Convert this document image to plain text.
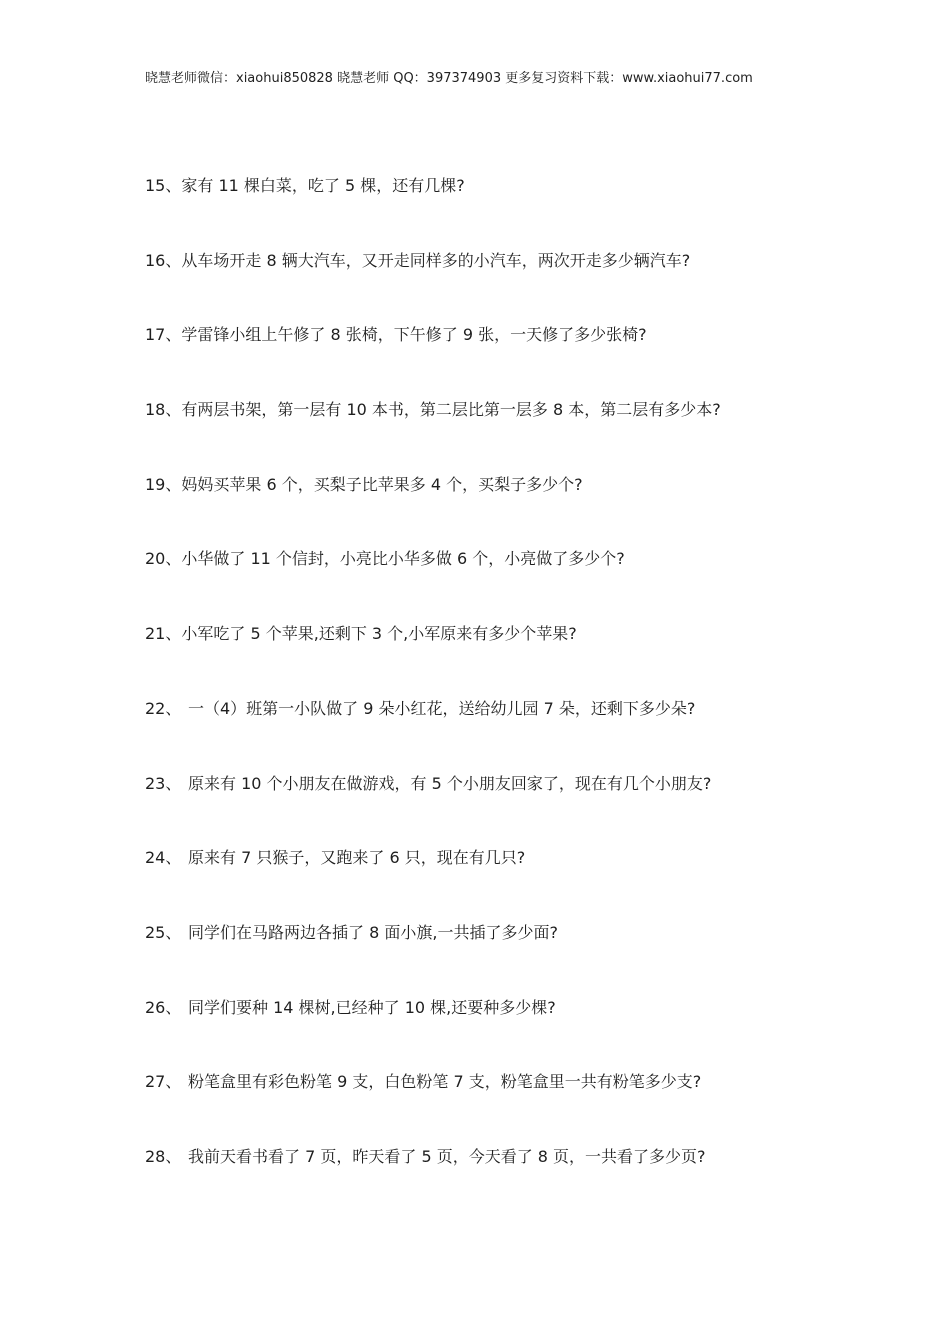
晓慧老师微信：xiaohui850828 晓慧老师 QQ：397374903 更多复习资料下载：www.xiaohui77.com
15、家有 11 棵白菜，吃了 5 棵，还有几棵?
16、从车场开走 8 辆大汽车，又开走同样多的小汽车，两次开走多少辆汽车?
17、学雷锋小组上午修了 8 张椅，下午修了 9 张，一天修了多少张椅?
18、有两层书架，第一层有 10 本书，第二层比第一层多 8 本，第二层有多少本?
19、妈妈买苹果 6 个，买梨子比苹果多 4 个，买梨子多少个?
20、小华做了 11 个信封，小亮比小华多做 6 个，小亮做了多少个?
21、小军吃了 5 个苹果,还剩下 3 个,小军原来有多少个苹果?
22、 一（4）班第一小队做了 9 朵小红花，送给幼儿园 7 朵，还剩下多少朵?
23、 原来有 10 个小朋友在做游戏，有 5 个小朋友回家了，现在有几个小朋友?
24、 原来有 7 只猴子，又跑来了 6 只，现在有几只?
25、 同学们在马路两边各插了 8 面小旗,一共插了多少面?
26、 同学们要种 14 棵树,已经种了 10 棵,还要种多少棵?
27、 粉笔盒里有彩色粉笔 9 支，白色粉笔 7 支，粉笔盒里一共有粉笔多少支?
28、 我前天看书看了 7 页，昨天看了 5 页，今天看了 8 页，一共看了多少页?
